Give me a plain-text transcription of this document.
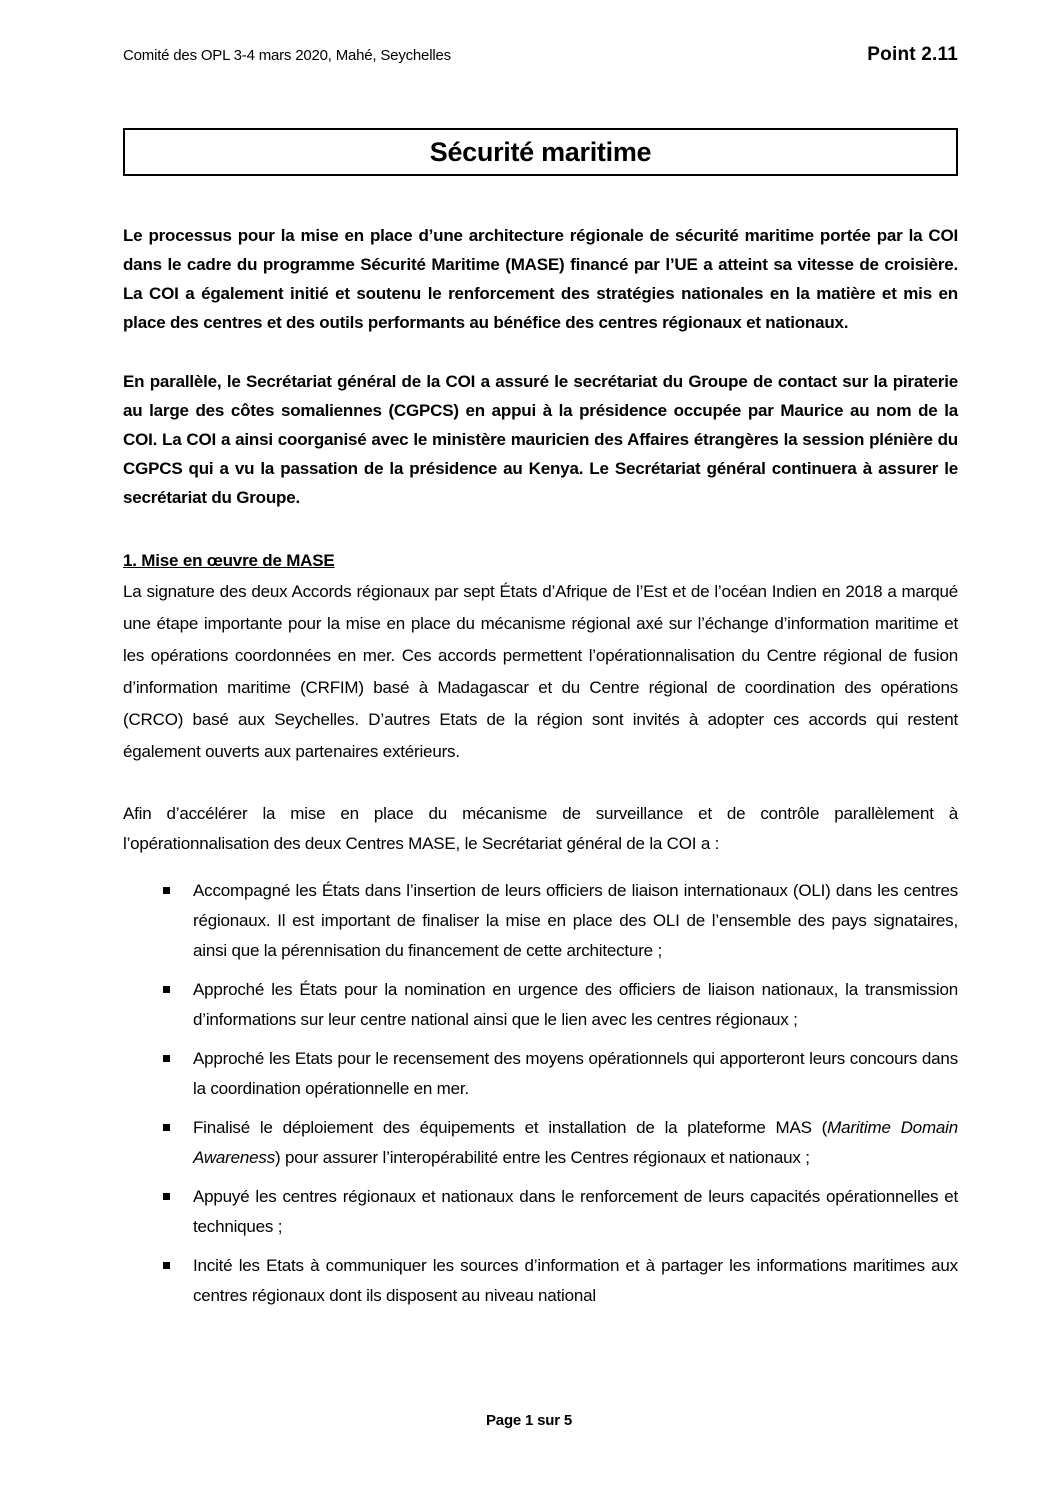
Comité des OPL 3-4 mars 2020, Mahé, Seychelles	Point 2.11
Sécurité maritime

Le processus pour la mise en place d’une architecture régionale de sécurité maritime portée par la COI dans le cadre du programme Sécurité Maritime (MASE) financé par l’UE a atteint sa vitesse de croisière. La COI a également initié et soutenu le renforcement des stratégies nationales en la matière et mis en place des centres et des outils performants au bénéfice des centres régionaux et nationaux.

En parallèle, le Secrétariat général de la COI a assuré le secrétariat du Groupe de contact sur la piraterie au large des côtes somaliennes (CGPCS) en appui à la présidence occupée par Maurice au nom de la COI. La COI a ainsi coorganisé avec le ministère mauricien des Affaires étrangères la session plénière du CGPCS qui a vu la passation de la présidence au Kenya. Le Secrétariat général continuera à assurer le secrétariat du Groupe.

1. Mise en œuvre de MASE

La signature des deux Accords régionaux par sept États d’Afrique de l’Est et de l’océan Indien en 2018 a marqué une étape importante pour la mise en place du mécanisme régional axé sur l’échange d’information maritime et les opérations coordonnées en mer. Ces accords permettent l’opérationnalisation du Centre régional de fusion d’information maritime (CRFIM) basé à Madagascar et du Centre régional de coordination des opérations (CRCO) basé aux Seychelles. D’autres Etats de la région sont invités à adopter ces accords qui restent également ouverts aux partenaires extérieurs.

Afin d’accélérer la mise en place du mécanisme de surveillance et de contrôle parallèlement à l’opérationnalisation des deux Centres MASE, le Secrétariat général de la COI a :

Accompagné les États dans l’insertion de leurs officiers de liaison internationaux (OLI) dans les centres régionaux. Il est important de finaliser la mise en place des OLI de l’ensemble des pays signataires, ainsi que la pérennisation du financement de cette architecture ;
Approché les États pour la nomination en urgence des officiers de liaison nationaux, la transmission d’informations sur leur centre national ainsi que le lien avec les centres régionaux ;
Approché les Etats pour le recensement des moyens opérationnels qui apporteront leurs concours dans la coordination opérationnelle en mer.
Finalisé le déploiement des équipements et installation de la plateforme MAS (Maritime Domain Awareness) pour assurer l’interopérabilité entre les Centres régionaux et nationaux ;
Appuyé les centres régionaux et nationaux dans le renforcement de leurs capacités opérationnelles et techniques ;
Incité les Etats à communiquer les sources d’information et à partager les informations maritimes aux centres régionaux dont ils disposent au niveau national
Page 1 sur 5
